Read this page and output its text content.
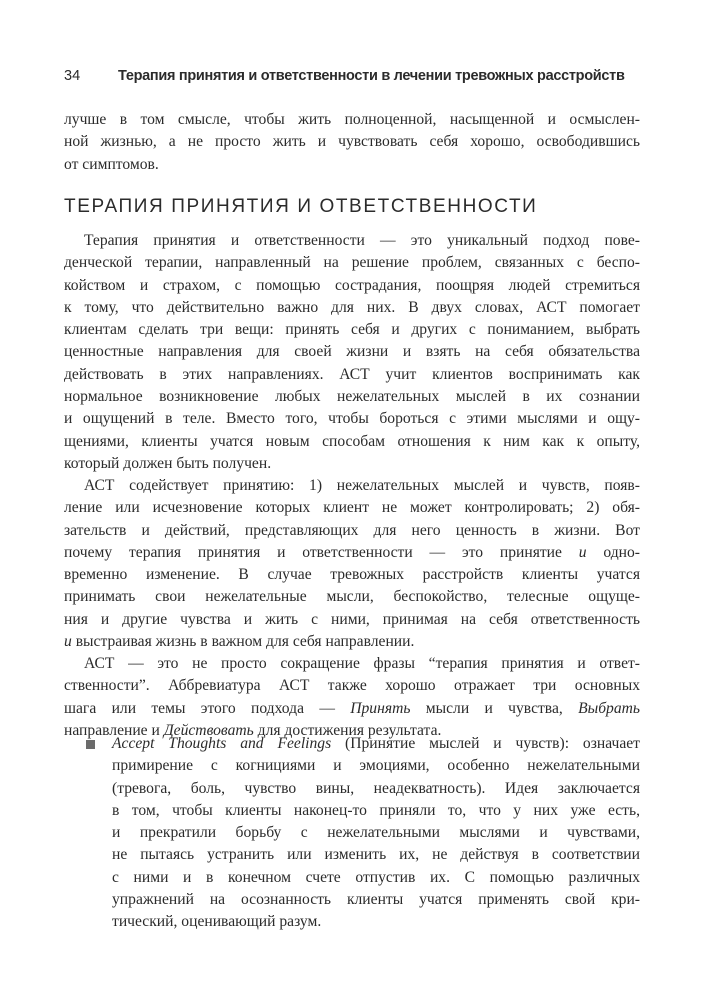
34	Терапия принятия и ответственности в лечении тревожных расстройств
лучше в том смысле, чтобы жить полноценной, насыщенной и осмыслен-
ной жизнью, а не просто жить и чувствовать себя хорошо, освободившись
от симптомов.
ТЕРАПИЯ ПРИНЯТИЯ И ОТВЕТСТВЕННОСТИ
Терапия принятия и ответственности — это уникальный подход пове-
денческой терапии, направленный на решение проблем, связанных с беспо-
койством и страхом, с помощью сострадания, поощряя людей стремиться
к тому, что действительно важно для них. В двух словах, АСТ помогает
клиентам сделать три вещи: принять себя и других с пониманием, выбрать
ценностные направления для своей жизни и взять на себя обязательства
действовать в этих направлениях. АСТ учит клиентов воспринимать как
нормальное возникновение любых нежелательных мыслей в их сознании
и ощущений в теле. Вместо того, чтобы бороться с этими мыслями и ощу-
щениями, клиенты учатся новым способам отношения к ним как к опыту,
который должен быть получен.
АСТ содействует принятию: 1) нежелательных мыслей и чувств, появ-
ление или исчезновение которых клиент не может контролировать; 2) обя-
зательств и действий, представляющих для него ценность в жизни. Вот
почему терапия принятия и ответственности — это принятие и одно-
временно изменение. В случае тревожных расстройств клиенты учатся
принимать свои нежелательные мысли, беспокойство, телесные ощуще-
ния и другие чувства и жить с ними, принимая на себя ответственность
и выстраивая жизнь в важном для себя направлении.
АСТ — это не просто сокращение фразы “терапия принятия и ответ-
ственности”. Аббревиатура АСТ также хорошо отражает три основных
шага или темы этого подхода — Принять мысли и чувства, Выбрать
направление и Действовать для достижения результата.
Accept Thoughts and Feelings (Принятие мыслей и чувств): означает
примирение с когнициями и эмоциями, особенно нежелательными
(тревога, боль, чувство вины, неадекватность). Идея заключается
в том, чтобы клиенты наконец-то приняли то, что у них уже есть,
и прекратили борьбу с нежелательными мыслями и чувствами,
не пытаясь устранить или изменить их, не действуя в соответствии
с ними и в конечном счете отпустив их. С помощью различных
упражнений на осознанность клиенты учатся применять свой кри-
тический, оценивающий разум.
